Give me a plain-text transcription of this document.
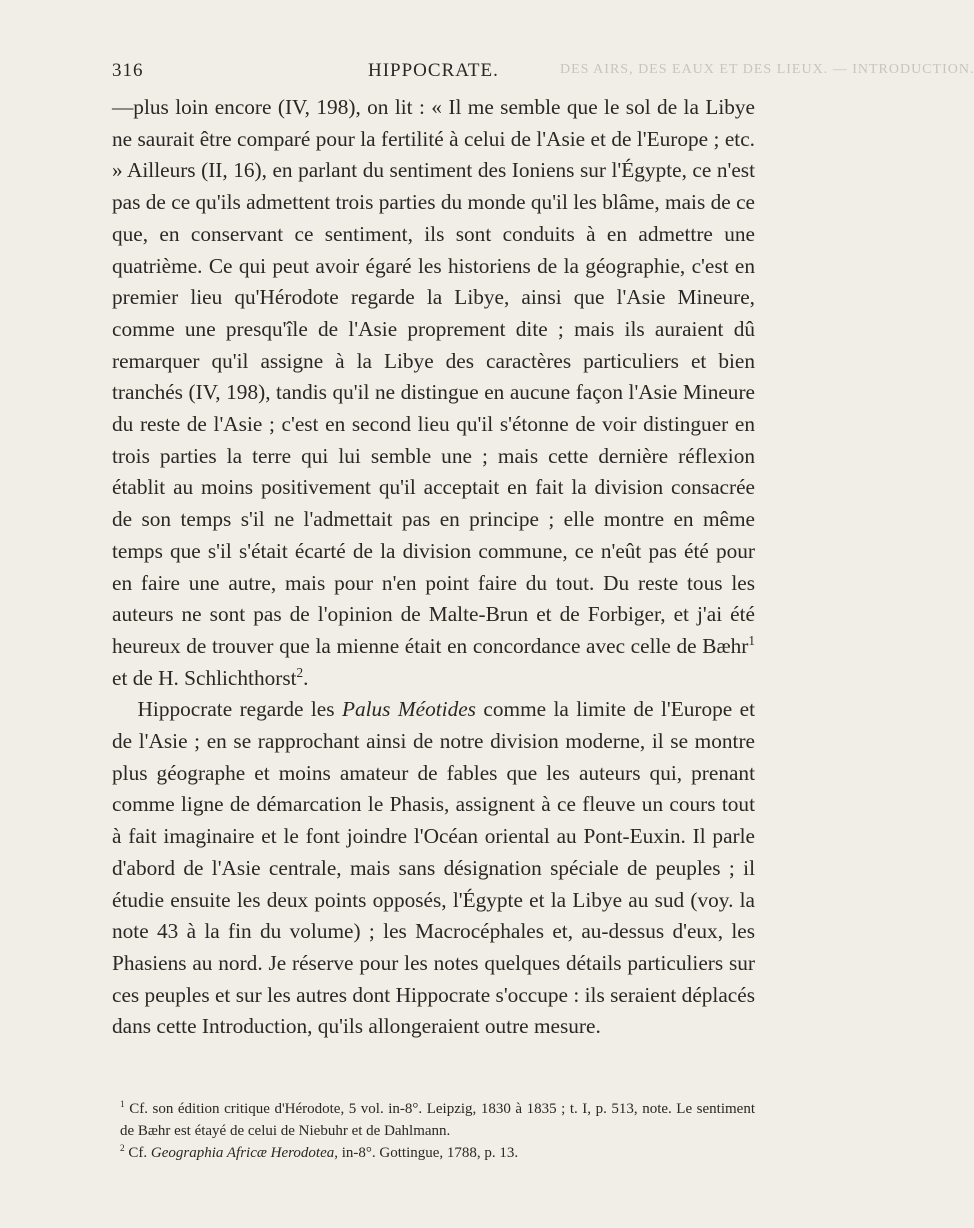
DES AIRS, DES EAUX ET DES LIEUX. — INTRODUCTION.
316	HIPPOCRATE.

—plus loin encore (IV, 198), on lit : « Il me semble que le sol de la Libye ne saurait être comparé pour la fertilité à celui de l'Asie et de l'Europe ; etc. » Ailleurs (II, 16), en parlant du sentiment des Ioniens sur l'Égypte, ce n'est pas de ce qu'ils admettent trois parties du monde qu'il les blâme, mais de ce que, en conservant ce sentiment, ils sont conduits à en admettre une quatrième. Ce qui peut avoir égaré les historiens de la géographie, c'est en premier lieu qu'Hérodote regarde la Libye, ainsi que l'Asie Mineure, comme une presqu'île de l'Asie proprement dite ; mais ils auraient dû remarquer qu'il assigne à la Libye des caractères particuliers et bien tranchés (IV, 198), tandis qu'il ne distingue en aucune façon l'Asie Mineure du reste de l'Asie ; c'est en second lieu qu'il s'étonne de voir distinguer en trois parties la terre qui lui semble une ; mais cette dernière réflexion établit au moins positivement qu'il acceptait en fait la division consacrée de son temps s'il ne l'admettait pas en principe ; elle montre en même temps que s'il s'était écarté de la division commune, ce n'eût pas été pour en faire une autre, mais pour n'en point faire du tout. Du reste tous les auteurs ne sont pas de l'opinion de Malte-Brun et de Forbiger, et j'ai été heureux de trouver que la mienne était en concordance avec celle de Bæhr$^1$ et de H. Schlichthorst$^2$.

Hippocrate regarde les Palus Méotides comme la limite de l'Europe et de l'Asie ; en se rapprochant ainsi de notre division moderne, il se montre plus géographe et moins amateur de fables que les auteurs qui, prenant comme ligne de démarcation le Phasis, assignent à ce fleuve un cours tout à fait imaginaire et le font joindre l'Océan oriental au Pont-Euxin. Il parle d'abord de l'Asie centrale, mais sans désignation spéciale de peuples ; il étudie ensuite les deux points opposés, l'Égypte et la Libye au sud (voy. la note 43 à la fin du volume) ; les Macrocéphales et, au-dessus d'eux, les Phasiens au nord. Je réserve pour les notes quelques détails particuliers sur ces peuples et sur les autres dont Hippocrate s'occupe : ils seraient déplacés dans cette Introduction, qu'ils allongeraient outre mesure.

$^1$ Cf. son édition critique d'Hérodote, 5 vol. in-8°. Leipzig, 1830 à 1835 ; t. I, p. 513, note. Le sentiment de Bæhr est étayé de celui de Niebuhr et de Dahlmann.

$^2$ Cf. Geographia Africæ Herodotea, in-8°. Gottingue, 1788, p. 13.
